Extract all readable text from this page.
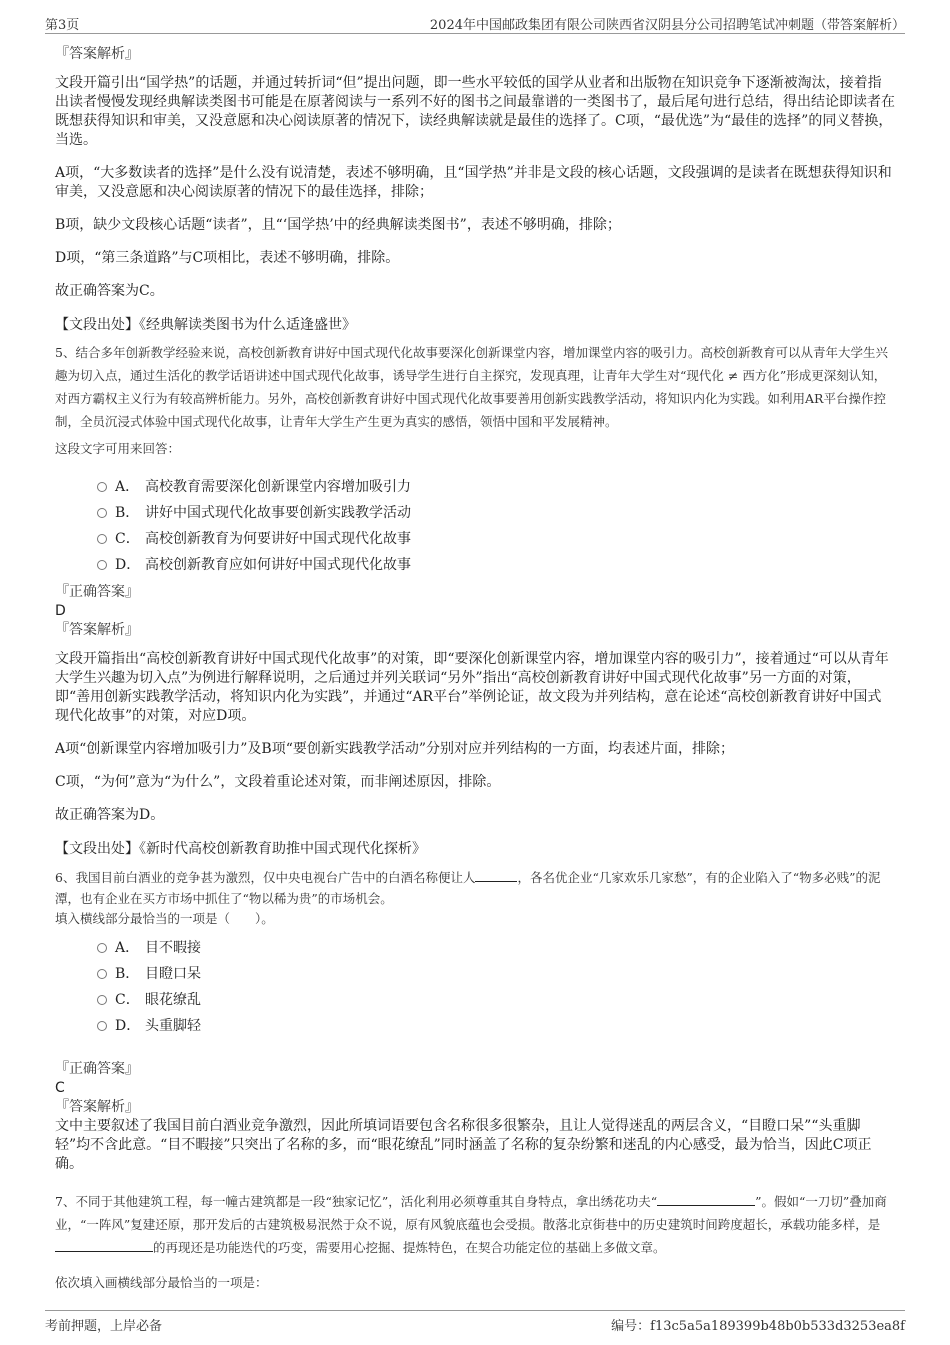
第3页	2024年中国邮政集团有限公司陕西省汉阴县分公司招聘笔试冲刺题（带答案解析）
『答案解析』

文段开篇引出“国学热”的话题，并通过转折词“但”提出问题，即一些水平较低的国学从业者和出版物在知识竞争下逐渐被淘汰，接着指出读者慢慢发现经典解读类图书可能是在原著阅读与一系列不好的图书之间最靠谱的一类图书了，最后尾句进行总结，得出结论即读者在既想获得知识和审美，又没意愿和决心阅读原著的情况下，读经典解读就是最佳的选择了。C项，“最优选”为“最佳的选择”的同义替换，当选。

A项，“大多数读者的选择”是什么没有说清楚，表述不够明确，且“国学热”并非是文段的核心话题，文段强调的是读者在既想获得知识和审美，又没意愿和决心阅读原著的情况下的最佳选择，排除；

B项，缺少文段核心话题“读者”，且“‘国学热’中的经典解读类图书”，表述不够明确，排除；

D项，“第三条道路”与C项相比，表述不够明确，排除。

故正确答案为C。

【文段出处】《经典解读类图书为什么适逢盛世》

5、结合多年创新教学经验来说，高校创新教育讲好中国式现代化故事要深化创新课堂内容，增加课堂内容的吸引力。高校创新教育可以从青年大学生兴趣为切入点，通过生活化的教学话语讲述中国式现代化故事，诱导学生进行自主探究，发现真理，让青年大学生对“现代化 ≠ 西方化”形成更深刻认知，对西方霸权主义行为有较高辨析能力。另外，高校创新教育讲好中国式现代化故事要善用创新实践教学活动，将知识内化为实践。如利用AR平台操作控制，全员沉浸式体验中国式现代化故事，让青年大学生产生更为真实的感悟，领悟中国和平发展精神。

这段文字可用来回答：

A． 高校教育需要深化创新课堂内容增加吸引力
B． 讲好中国式现代化故事要创新实践教学活动
C． 高校创新教育为何要讲好中国式现代化故事
D． 高校创新教育应如何讲好中国式现代化故事
『正确答案』
D
『答案解析』

文段开篇指出“高校创新教育讲好中国式现代化故事”的对策，即“要深化创新课堂内容，增加课堂内容的吸引力”，接着通过“可以从青年大学生兴趣为切入点”为例进行解释说明，之后通过并列关联词“另外”指出“高校创新教育讲好中国式现代化故事”另一方面的对策，即“善用创新实践教学活动，将知识内化为实践”，并通过“AR平台”举例论证，故文段为并列结构，意在论述“高校创新教育讲好中国式现代化故事”的对策，对应D项。

A项“创新课堂内容增加吸引力”及B项“要创新实践教学活动”分别对应并列结构的一方面，均表述片面，排除；

C项，“为何”意为“为什么”，文段着重论述对策，而非阐述原因，排除。

故正确答案为D。

【文段出处】《新时代高校创新教育助推中国式现代化探析》

6、我国目前白酒业的竞争甚为激烈，仅中央电视台广告中的白酒名称便让人	，各名优企业“几家欢乐几家愁”，有的企业陷入了“物多必贱”的泥潭，也有企业在买方市场中抓住了“物以稀为贵”的市场机会。

填入横线部分最恰当的一项是（　　）。

A． 目不暇接
B． 目瞪口呆
C． 眼花缭乱
D． 头重脚轻
『正确答案』
C
『答案解析』

文中主要叙述了我国目前白酒业竞争激烈，因此所填词语要包含名称很多很繁杂，且让人觉得迷乱的两层含义，“目瞪口呆”“头重脚轻”均不含此意。“目不暇接”只突出了名称的多，而“眼花缭乱”同时涵盖了名称的复杂纷繁和迷乱的内心感受，最为恰当，因此C项正确。

7、不同于其他建筑工程，每一幢古建筑都是一段“独家记忆”，活化利用必须尊重其自身特点，拿出绣花功夫“	”。假如“一刀切”叠加商业，“一阵风”复建还原，那开发后的古建筑极易泯然于众不说，原有风貌底蕴也会受损。散落北京街巷中的历史建筑时间跨度超长，承载功能多样，是的再现还是功能迭代的巧变，需要用心挖掘、提炼特色，在契合功能定位的基础上多做文章。

依次填入画横线部分最恰当的一项是：

考前押题，上岸必备	编号：f13c5a5a189399b48b0b533d3253ea8f
